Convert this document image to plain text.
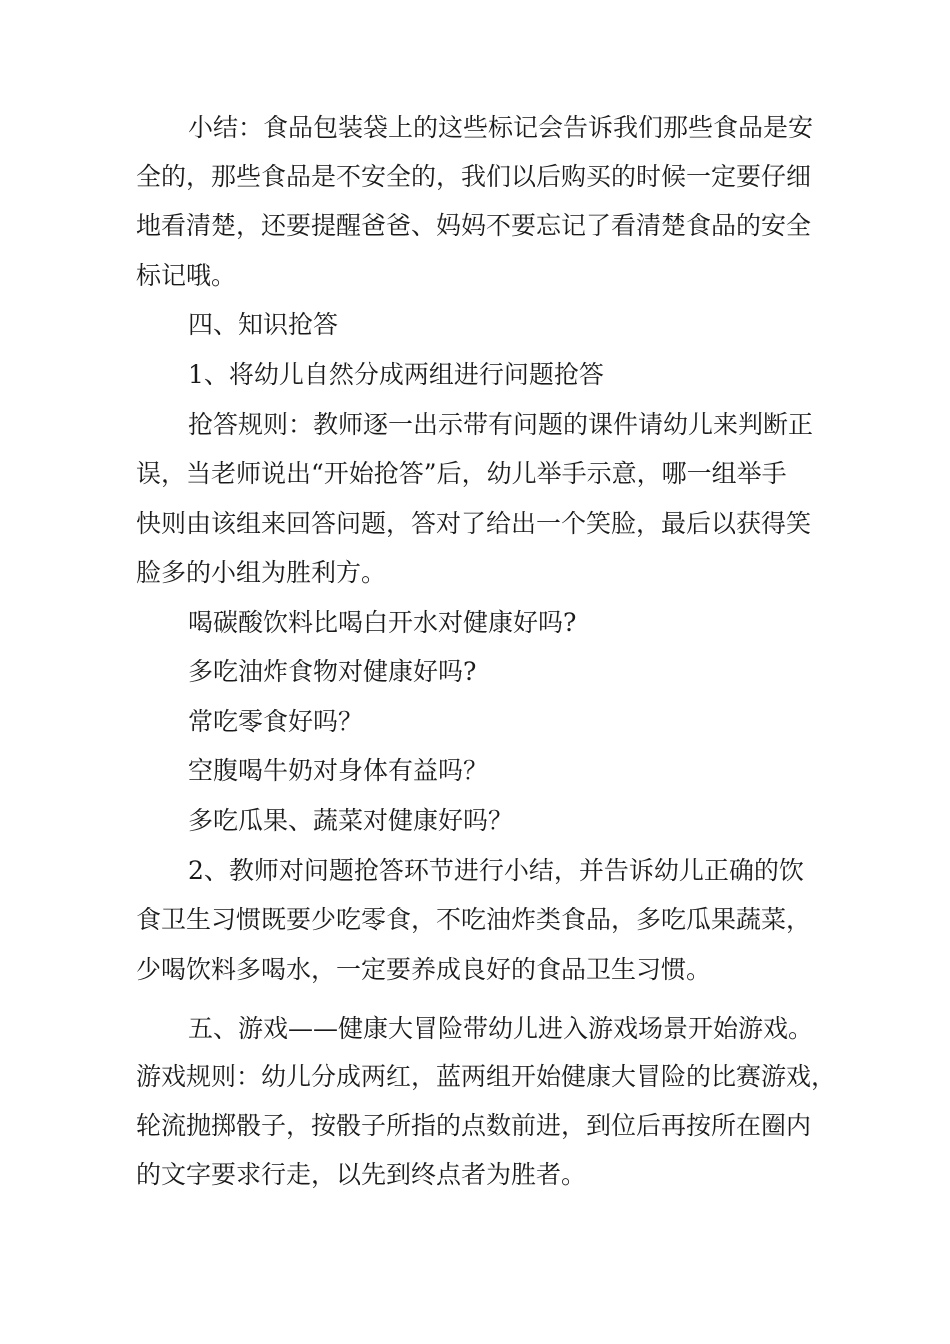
小结：食品包装袋上的这些标记会告诉我们那些食品是安
全的，那些食品是不安全的，我们以后购买的时候一定要仔细
地看清楚，还要提醒爸爸、妈妈不要忘记了看清楚食品的安全
标记哦。
四、知识抢答
1、将幼儿自然分成两组进行问题抢答
抢答规则：教师逐一出示带有问题的课件请幼儿来判断正
误，当老师说出“开始抢答”后，幼儿举手示意，哪一组举手
快则由该组来回答问题，答对了给出一个笑脸，最后以获得笑
脸多的小组为胜利方。
喝碳酸饮料比喝白开水对健康好吗?
多吃油炸食物对健康好吗?
常吃零食好吗？
空腹喝牛奶对身体有益吗？
多吃瓜果、蔬菜对健康好吗？
2、教师对问题抢答环节进行小结，并告诉幼儿正确的饮
食卫生习惯既要少吃零食，不吃油炸类食品，多吃瓜果蔬菜，
少喝饮料多喝水，一定要养成良好的食品卫生习惯。
五、游戏——健康大冒险带幼儿进入游戏场景开始游戏。
游戏规则：幼儿分成两红，蓝两组开始健康大冒险的比赛游戏，
轮流抛掷骰子，按骰子所指的点数前进，到位后再按所在圈内
的文字要求行走，以先到终点者为胜者。
